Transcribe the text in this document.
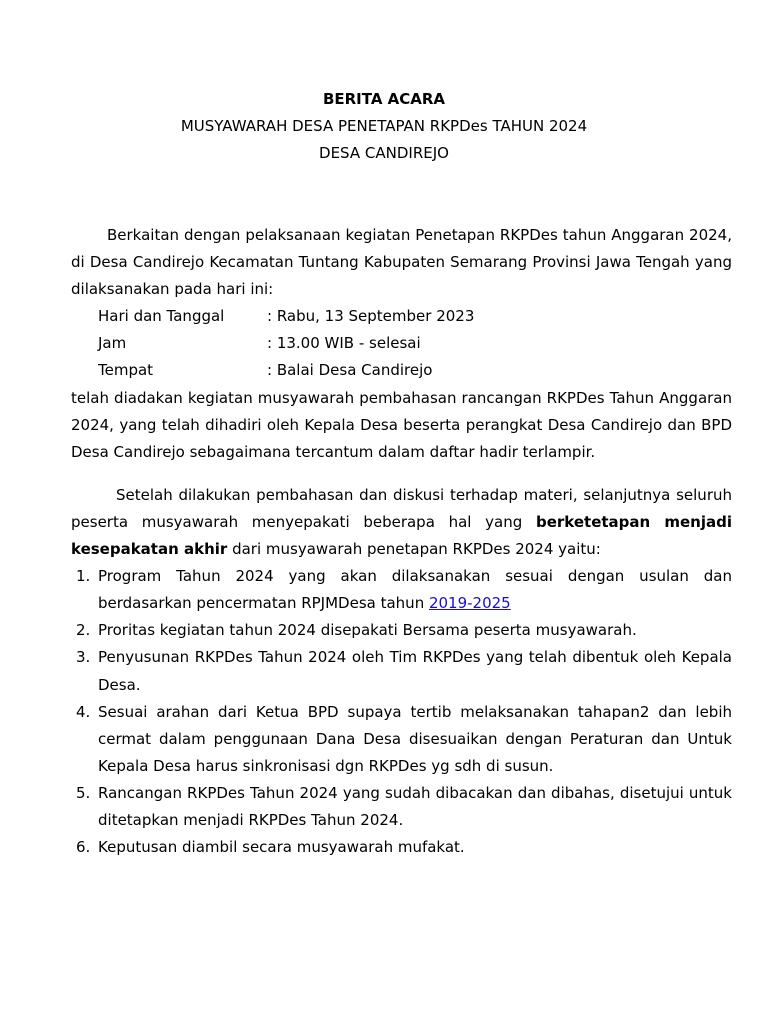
BERITA ACARA
MUSYAWARAH DESA PENETAPAN RKPDes TAHUN 2024
DESA CANDIREJO

Berkaitan dengan pelaksanaan kegiatan Penetapan RKPDes tahun Anggaran 2024, di Desa Candirejo Kecamatan Tuntang Kabupaten Semarang Provinsi Jawa Tengah yang dilaksanakan pada hari ini:

Hari dan Tanggal	: Rabu, 13 September 2023
Jam	: 13.00 WIB - selesai
Tempat	: Balai Desa Candirejo

telah diadakan kegiatan musyawarah pembahasan rancangan RKPDes Tahun Anggaran 2024, yang telah dihadiri oleh Kepala Desa beserta perangkat Desa Candirejo dan BPD Desa Candirejo sebagaimana tercantum dalam daftar hadir terlampir.

Setelah dilakukan pembahasan dan diskusi terhadap materi, selanjutnya seluruh peserta musyawarah menyepakati beberapa hal yang berketetapan menjadi kesepakatan akhir dari musyawarah penetapan RKPDes 2024 yaitu:

1. Program Tahun 2024 yang akan dilaksanakan sesuai dengan usulan dan berdasarkan pencermatan RPJMDesa tahun 2019-2025
2. Proritas kegiatan tahun 2024 disepakati Bersama peserta musyawarah.
3. Penyusunan RKPDes Tahun 2024 oleh Tim RKPDes yang telah dibentuk oleh Kepala Desa.
4. Sesuai arahan dari Ketua BPD supaya tertib melaksanakan tahapan2 dan lebih cermat dalam penggunaan Dana Desa disesuaikan dengan Peraturan dan Untuk Kepala Desa harus sinkronisasi dgn RKPDes yg sdh di susun.
5. Rancangan RKPDes Tahun 2024 yang sudah dibacakan dan dibahas, disetujui untuk ditetapkan menjadi RKPDes Tahun 2024.
6. Keputusan diambil secara musyawarah mufakat.
